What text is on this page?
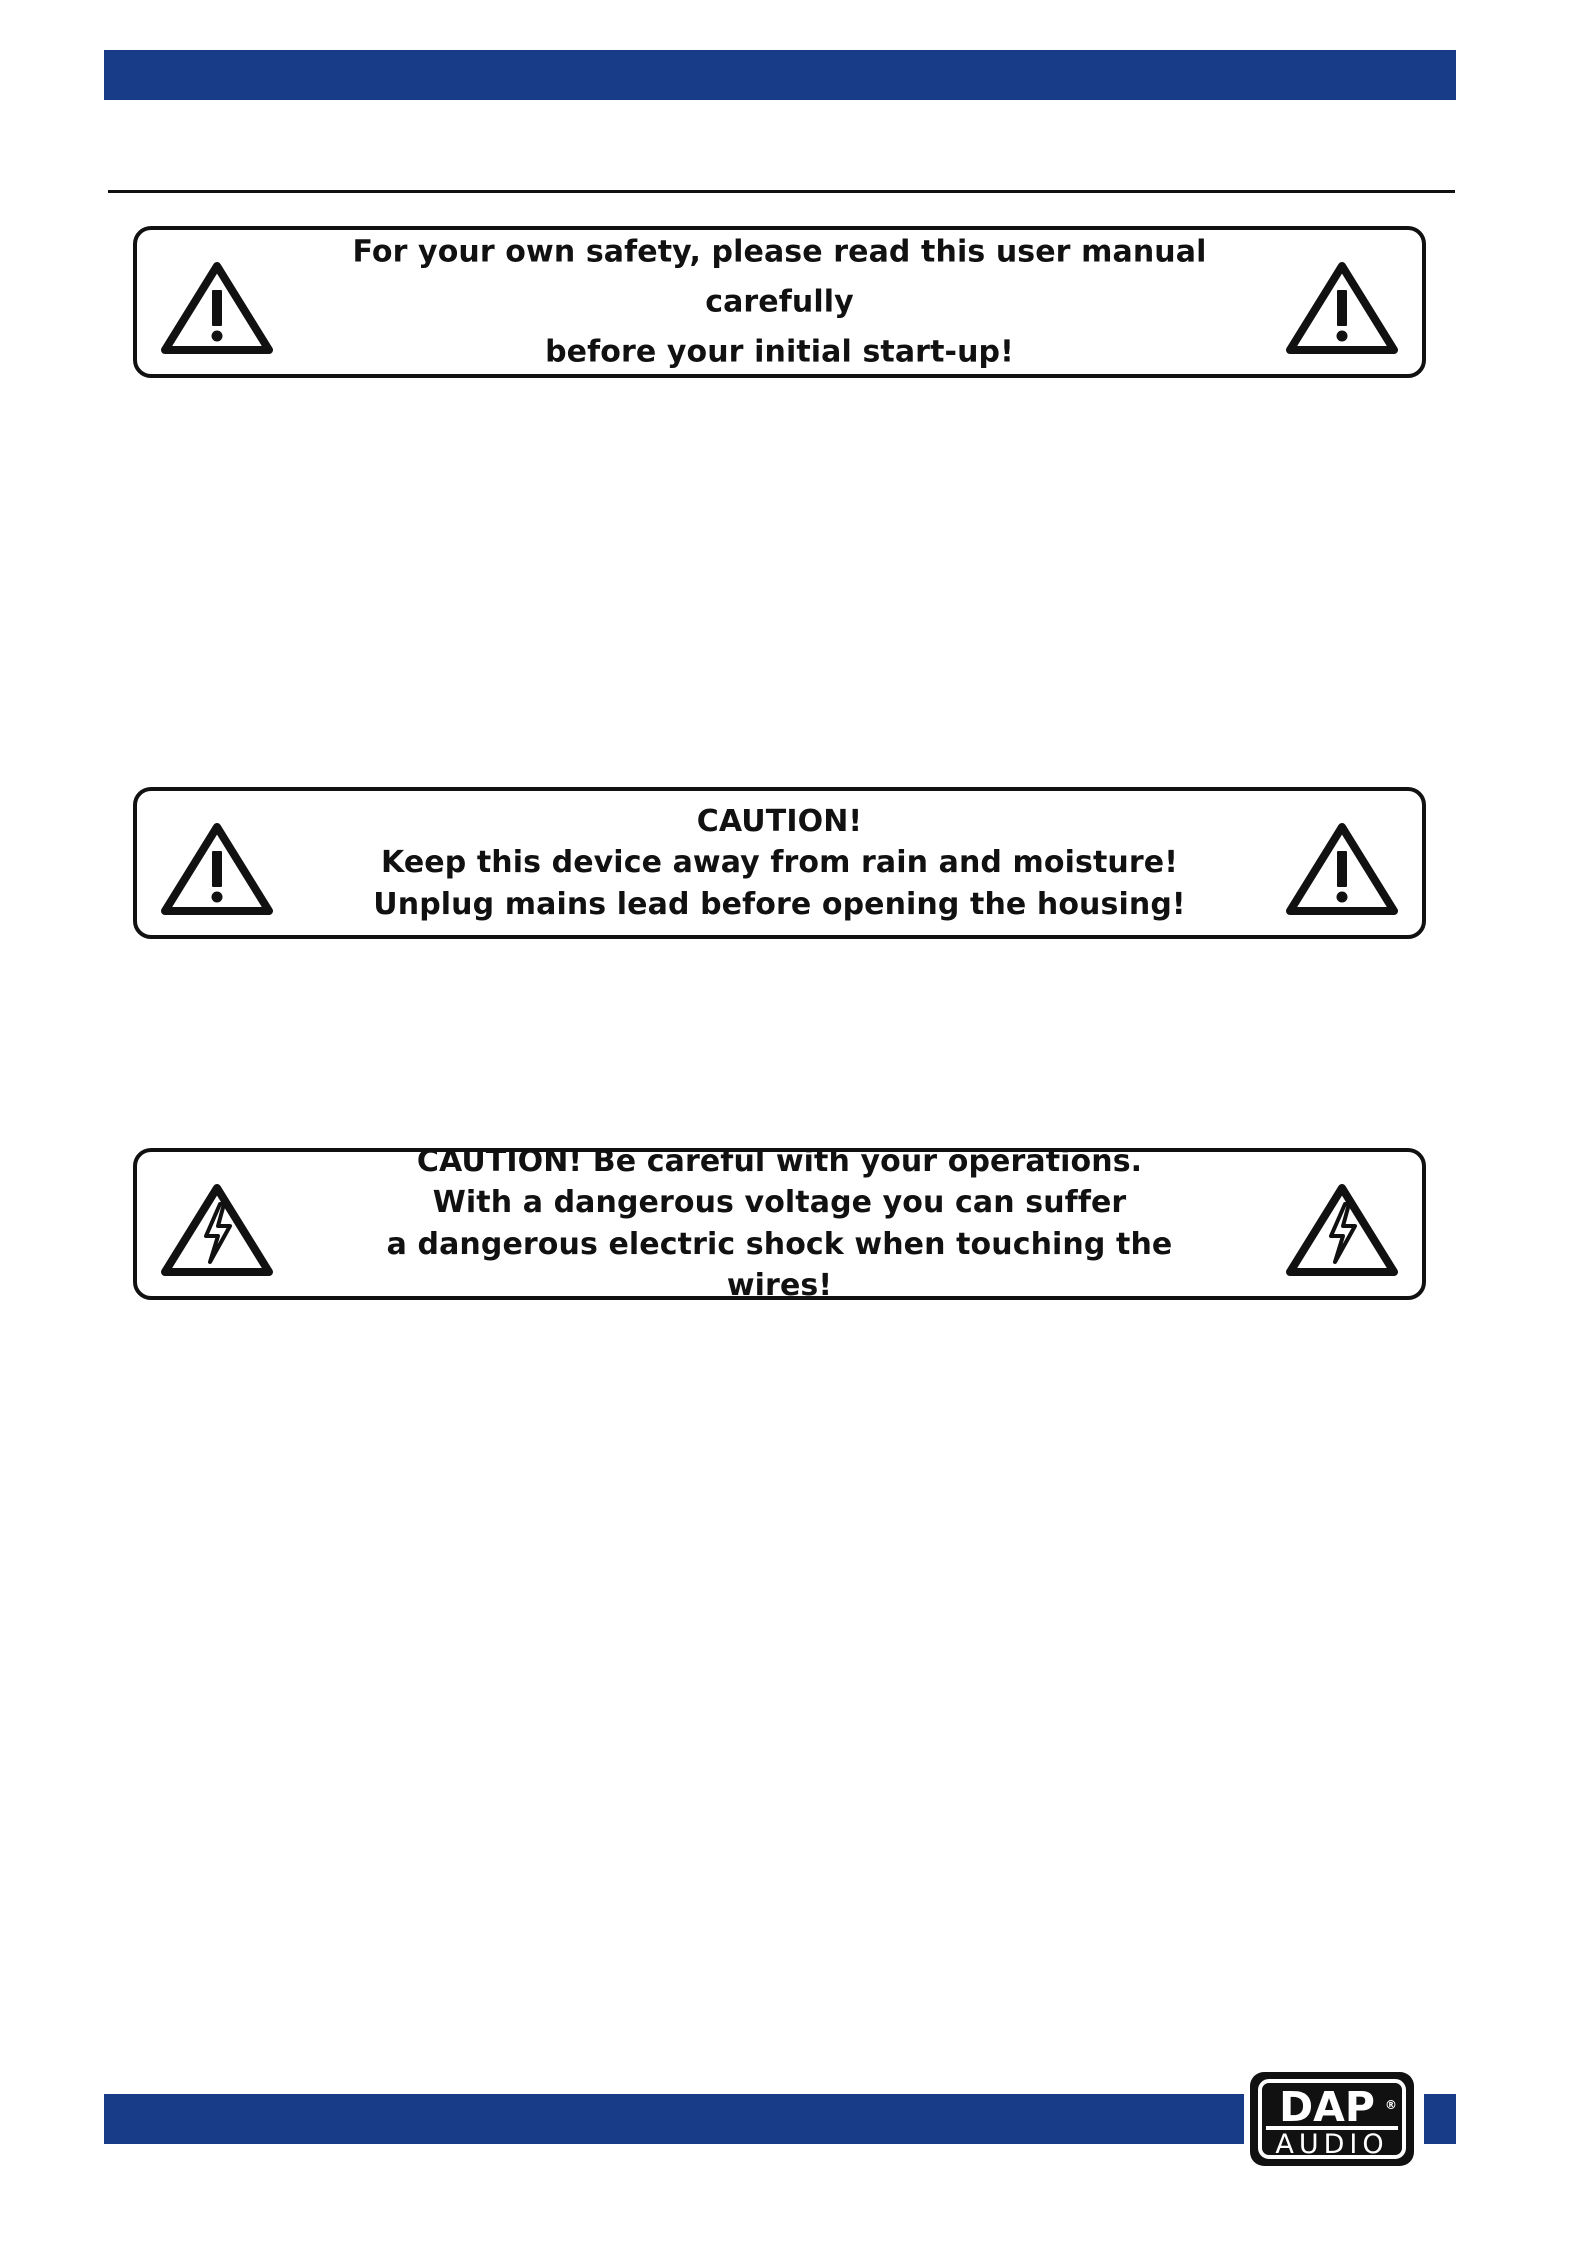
For your own safety, please read this user manual carefully
before your initial start-up!
CAUTION!
Keep this device away from rain and moisture!
Unplug mains lead before opening the housing!
CAUTION! Be careful with your operations.
With a dangerous voltage you can suffer
a dangerous electric shock when touching the wires!
DAP ®
AUDIO
